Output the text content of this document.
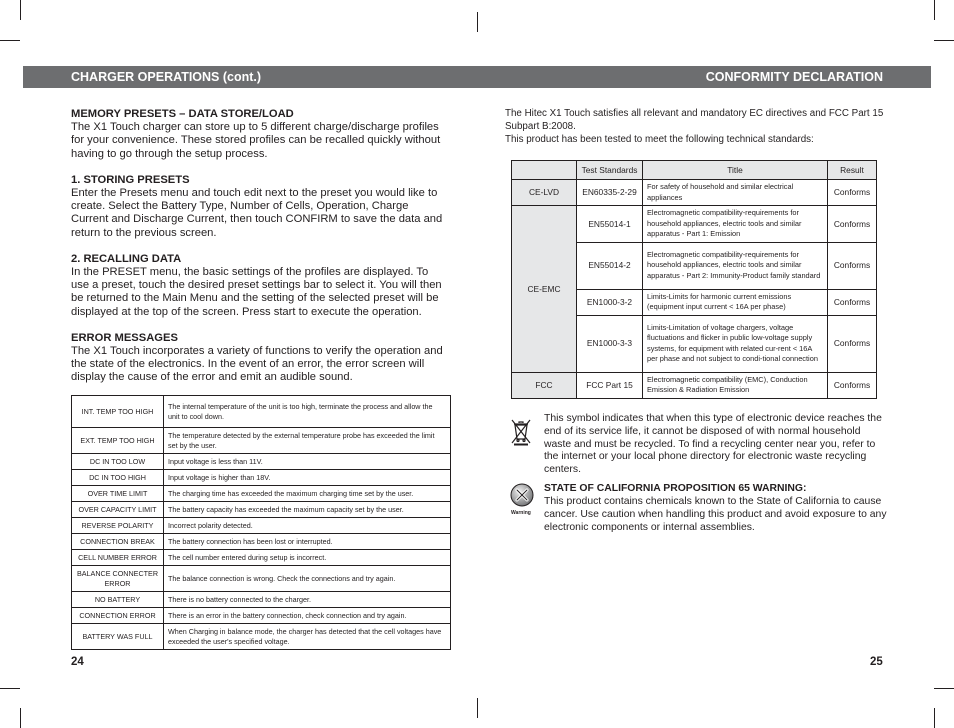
CHARGER OPERATIONS (cont.)	CONFORMITY DECLARATION

MEMORY PRESETS – DATA STORE/LOAD

The X1 Touch charger can store up to 5 different charge/discharge profiles for your convenience. These stored profiles can be recalled quickly without having to go through the setup process.

1. STORING PRESETS

Enter the Presets menu and touch edit next to the preset you would like to create. Select the Battery Type, Number of Cells, Operation, Charge Current and Discharge Current, then touch CONFIRM to save the data and return to the previous screen.

2. RECALLING DATA

In the PRESET menu, the basic settings of the profiles are displayed. To use a preset, touch the desired preset settings bar to select it. You will then be returned to the Main Menu and the setting of the selected preset will be displayed at the top of the screen. Press start to execute the operation.

ERROR MESSAGES

The X1 Touch incorporates a variety of functions to verify the operation and the state of the electronics. In the event of an error, the error screen will display the cause of the error and emit an audible sound.

INT. TEMP TOO HIGH	The internal temperature of the unit is too high, terminate the process and allow the unit to cool down.
EXT. TEMP TOO HIGH	The temperature detected by the external temperature probe has exceeded the limit set by the user.
DC IN TOO LOW	Input voltage is less than 11V.
DC IN TOO HIGH	Input voltage is higher than 18V.
OVER TIME LIMIT	The charging time has exceeded the maximum charging time set by the user.
OVER CAPACITY LIMIT	The battery capacity has exceeded the maximum capacity set by the user.
REVERSE POLARITY	Incorrect polarity detected.
CONNECTION BREAK	The battery connection has been lost or interrupted.
CELL NUMBER ERROR	The cell number entered during setup is incorrect.
BALANCE CONNECTER ERROR	The balance connection is wrong. Check the connections and try again.
NO BATTERY	There is no battery connected to the charger.
CONNECTION ERROR	There is an error in the battery connection, check connection and try again.
BATTERY WAS FULL	When Charging in balance mode, the charger has detected that the cell voltages have exceeded the user's specified voltage.

The Hitec X1 Touch satisfies all relevant and mandatory EC directives and FCC Part 15 Subpart B:2008.

This product has been tested to meet the following technical standards:

	Test Standards	Title	Result
CE-LVD	EN60335-2-29	For safety of household and similar electrical appliances	Conforms
CE-EMC	EN55014-1	Electromagnetic compatibility-requirements for household appliances, electric tools and similar apparatus - Part 1: Emission	Conforms
	EN55014-2	Electromagnetic compatibility-requirements for household appliances, electric tools and similar apparatus - Part 2: Immunity-Product family standard	Conforms
	EN1000-3-2	Limits-Limits for harmonic current emissions (equipment input current < 16A per phase)	Conforms
	EN1000-3-3	Limits-Limitation of voltage chargers, voltage fluctuations and flicker in public low-voltage supply systems, for equipment with related cur-rent < 16A per phase and not subject to condi-tional connection	Conforms
FCC	FCC Part 15	Electromagnetic compatibility (EMC), Conduction Emission & Radiation Emission	Conforms
This symbol indicates that when this type of electronic device reaches the end of its service life, it cannot be disposed of with normal household waste and must be recycled. To find a recycling center near you, refer to the internet or your local phone directory for electronic waste recycling centers.
Warning

STATE OF CALIFORNIA PROPOSITION 65 WARNING:

This product contains chemicals known to the State of California to cause cancer. Use caution when handling this product and avoid exposure to any electronic components or internal assemblies.

24	25
